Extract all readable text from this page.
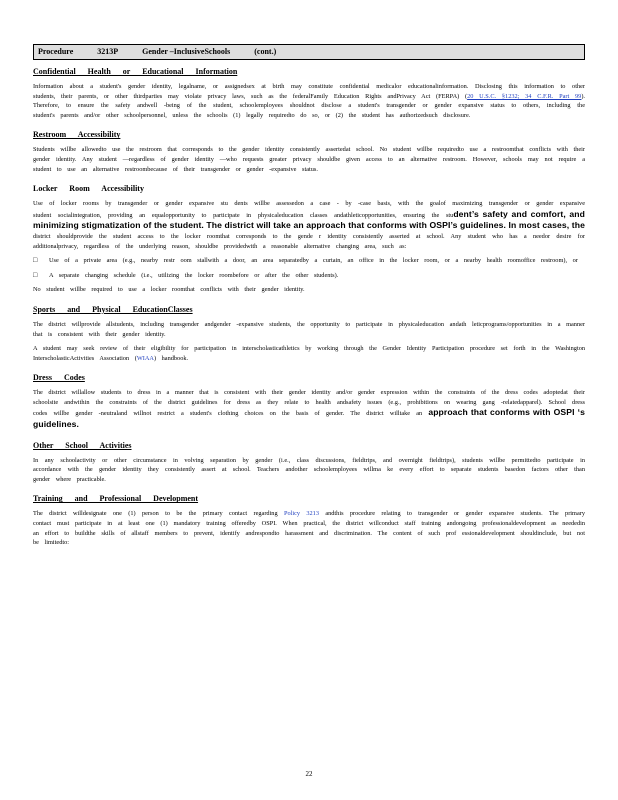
Procedure	3213P	Gender –InclusiveSchools	(cont.)
Confidential Health or Educational Information

Information about a student's gender identity, legalname, or assignedsex at birth may constitute confidential medicalor educationalinformation. Disclosing this information to other students, their parents, or other thirdparties may violate privacy laws, such as the federalFamily Education Rights andPrivacy Act (FERPA) (20 U.S.C. §1232; 34 C.F.R. Part 99). Therefore, to ensure the safety andwell -being of the student, schoolemployees shouldnot disclose a student's transgender or gender expansive status to others, including the student's parents and/or other schoolpersonnel, unless the schoolis (1) legally requiredto do so, or (2) the student has authorizedsuch disclosure.

Restroom Accessibility

Students willbe allowedto use the restroom that corresponds to the gender identity consistently assertedat school. No student willbe requiredto use a restroomthat conflicts with their gender identity. Any student —regardless of gender identity —who requests greater privacy shouldbe given access to an alternative restroom. However, schools may not require a student to use an alternative restroombecause of their transgender or gender -expansive status.

Locker Room Accessibility

Use of locker rooms by transgender or gender expansive stu dents willbe assessedon a case - by -case basis, with the goalof maximizing transgender or gender expansive student socialintegration, providing an equalopportunity to participate in physicaleducation classes andathleticopportunities, ensuring the student’s safety and comfort, and minimizing stigmatization of the student. The district will take an approach that conforms with OSPI’s guidelines. In most cases, the district shouldprovide the student access to the locker roomthat corresponds to the gende r identity consistently asserted at school. Any student who has a needor desire for additionalprivacy, regardless of the underlying reason, shouldbe providedwith a reasonable alternative changing area, such as:

□ Use of a private area (e.g., nearby restr oom stallwith a door, an area separatedby a curtain, an office in the locker room, or a nearby health roomoffice restroom), or

□ A separate changing schedule (i.e., utilizing the locker roombefore or after the other students).

No student willbe required to use a locker roomthat conflicts with their gender identity.

Sports and Physical EducationClasses

The district willprovide allstudents, including transgender andgender -expansive students, the opportunity to participate in physicaleducation andath leticprograms/opportunities in a manner that is consistent with their gender identity.

A student may seek review of their eligibility for participation in interscholasticathletics by working through the Gender Identity Participation procedure set forth in the Washington InterscholasticActivities Association (WIAA) handbook.

Dress Codes

The district willallow students to dress in a manner that is consistent with their gender identity and/or gender expression within the constraints of the dress codes adoptedat their schoolsite andwithin the constraints of the district guidelines for dress as they relate to health andsafety issues (e.g., prohibitions on wearing gang -relatedapparel). School dress codes willbe gender -neutraland willnot restrict a student's clothing choices on the basis of gender. The district willtake an approach that conforms with OSPI ‘s guidelines.

Other School Activities

In any schoolactivity or other circumstance in volving separation by gender (i.e., class discussions, fieldtrips, and overnight fieldtrips), students willbe permittedto participate in accordance with the gender identity they consistently assert at school. Teachers andother schoolemployees willma ke every effort to separate students basedon factors other than gender where practicable.

Training and Professional Development

The district willdesignate one (1) person to be the primary contact regarding Policy 3213 andthis procedure relating to transgender or gender expansive students. The primary contact must participate in at least one (1) mandatory training offeredby OSPI. When practical, the district willconduct staff training andongoing professionaldevelopment as neededin an effort to buildthe skills of allstaff members to prevent, identify andrespondto harassment and discrimination. The content of such prof essionaldevelopment shouldinclude, but not be limitedto:

22
